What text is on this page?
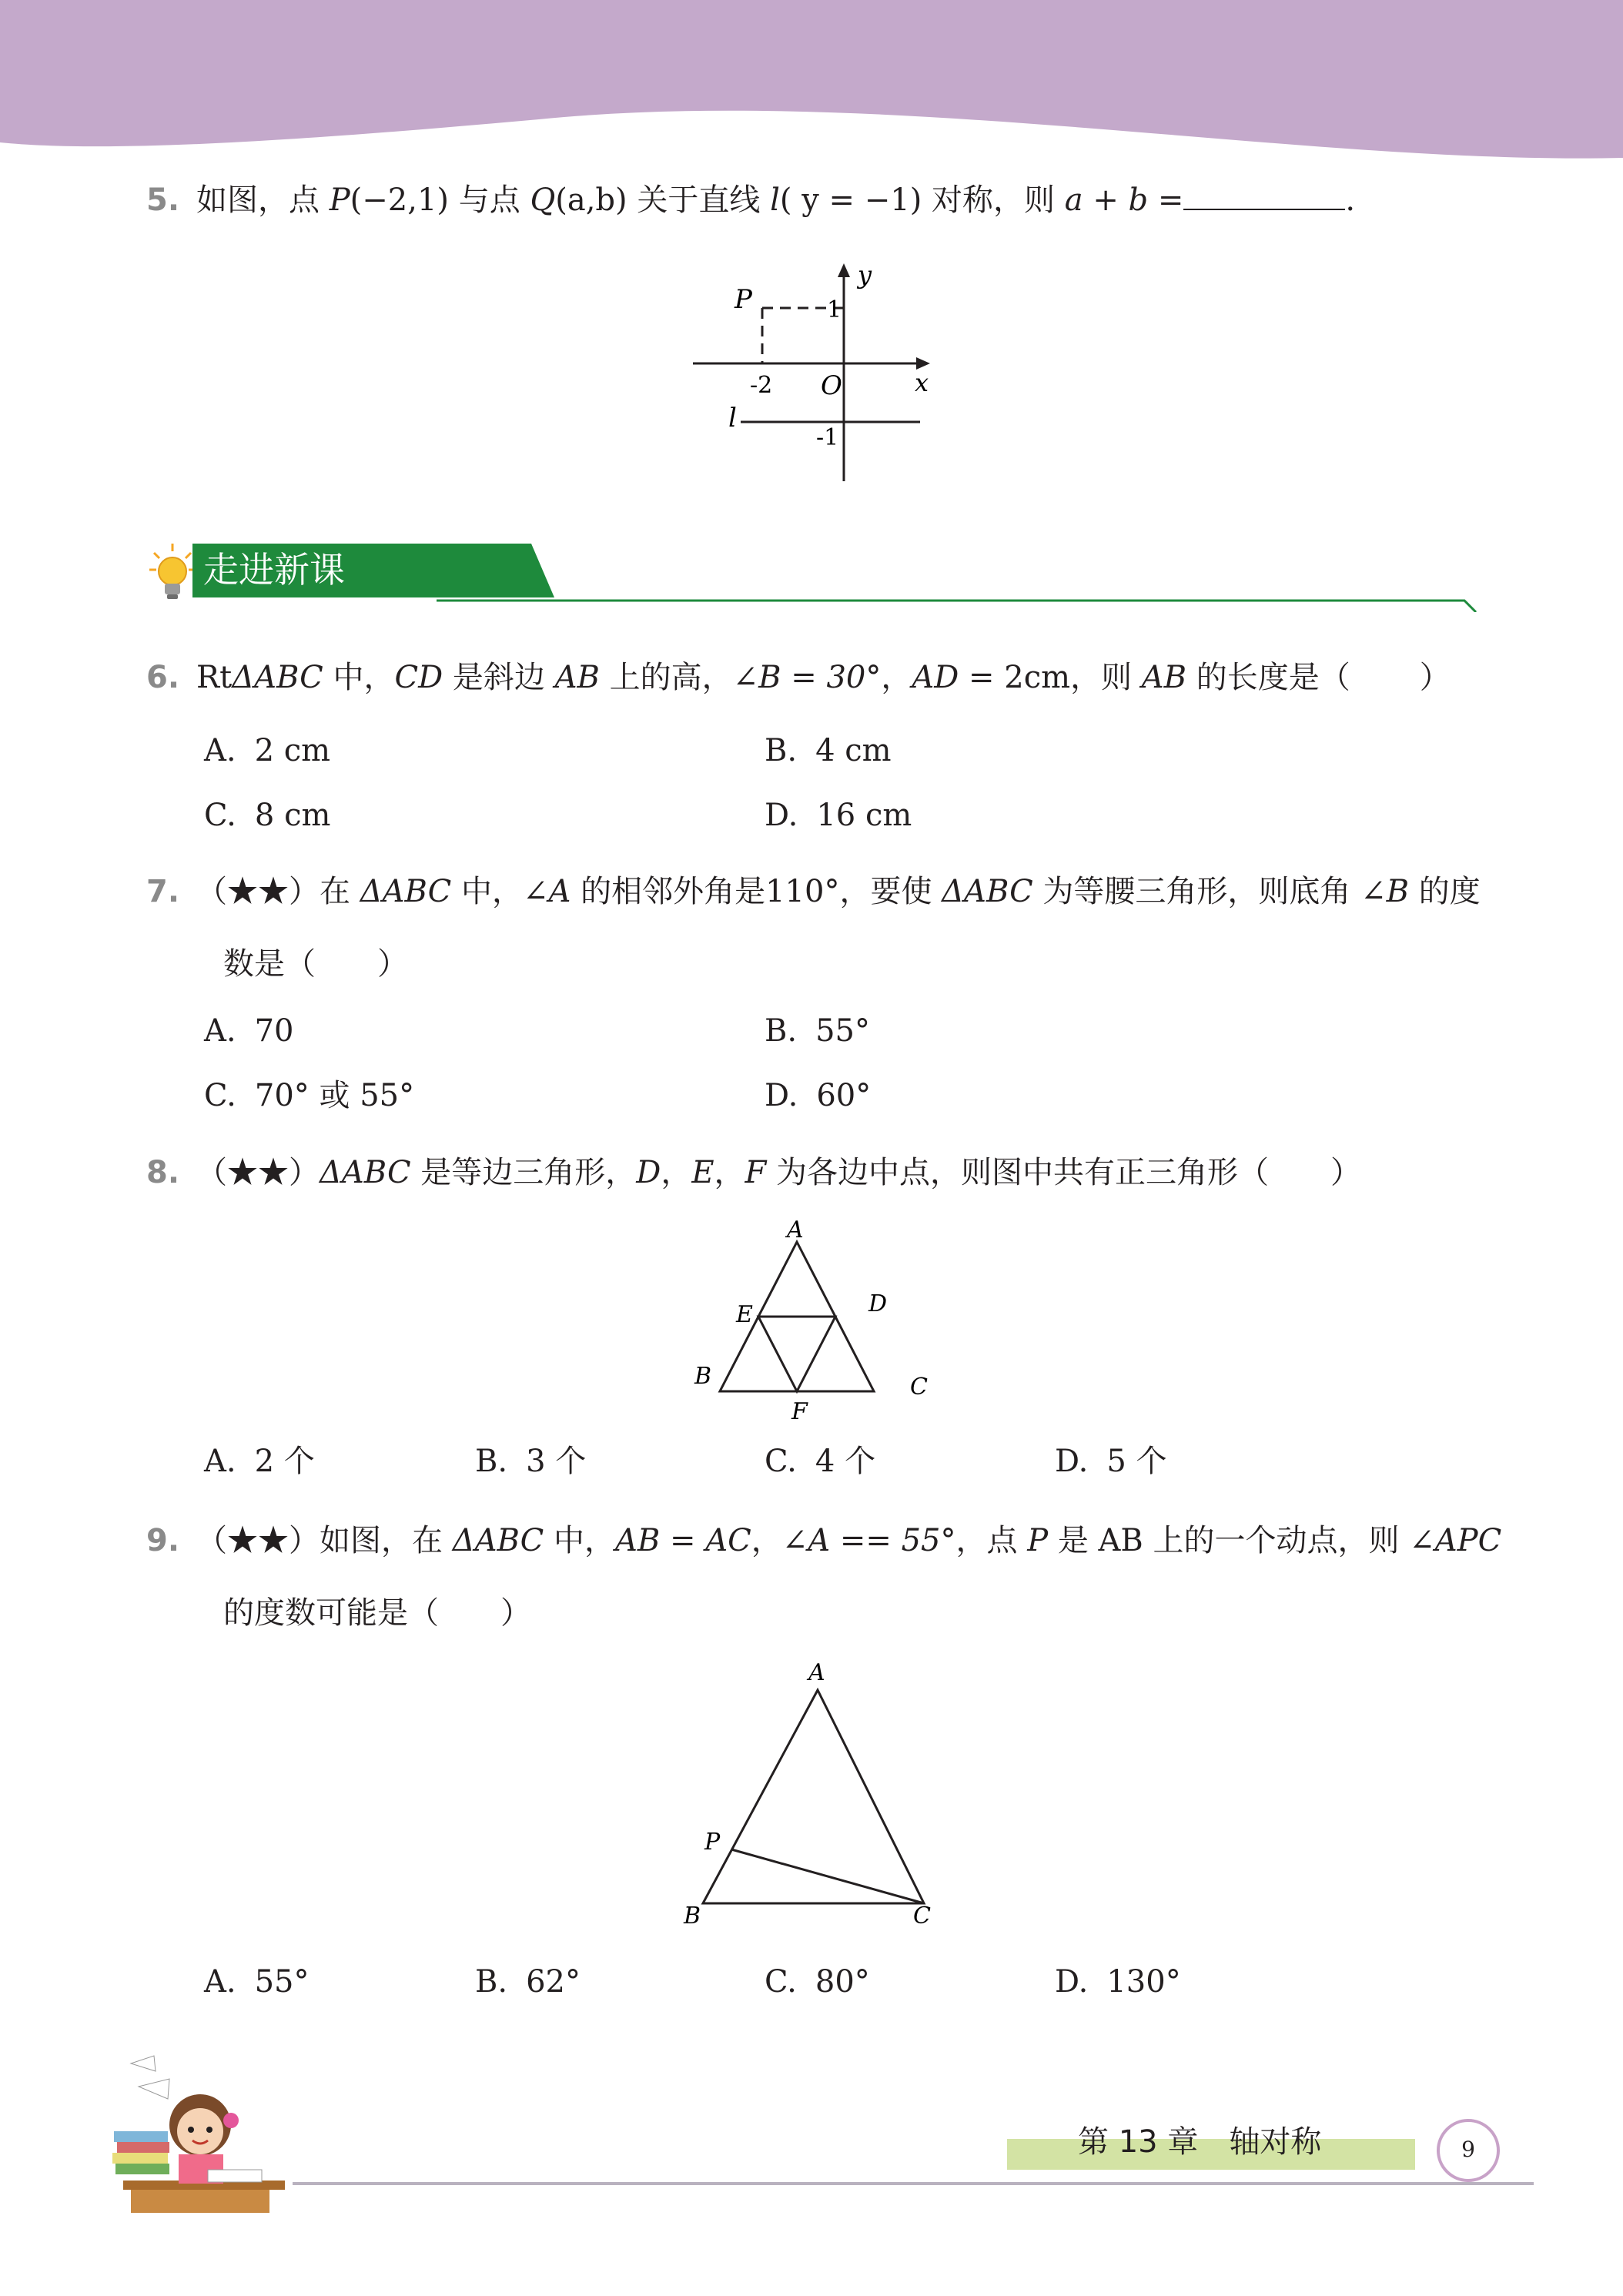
5. 如图，点 P(−2,1) 与点 Q(a,b) 关于直线 l( y = −1) 对称，则 a + b =	.
y
P	1
-2 O	x
l
-1
走进新课
6. RtΔABC 中，CD 是斜边 AB 上的高，∠B = 30°，AD = 2cm，则 AB 的长度是（ ）
A. 2 cm	B. 4 cm
C. 8 cm	D. 16 cm
7. （★★）在 ΔABC 中，∠A 的相邻外角是110°，要使 ΔABC 为等腰三角形，则底角 ∠B 的度
数是（　　）
A. 70	B. 55°
C. 70° 或 55°	D. 60°
8. （★★）ΔABC 是等边三角形，D，E，F 为各边中点，则图中共有正三角形（　　）
A
E	D
B	C
F
A. 2 个	B. 3 个	C. 4 个	D. 5 个
9. （★★）如图，在 ΔABC 中，AB = AC，∠A == 55°，点 P 是 AB 上的一个动点，则 ∠APC
的度数可能是（　　）
A
P
B	C
A. 55°	B. 62°	C. 80°	D. 130°
第 13 章　轴对称	9
